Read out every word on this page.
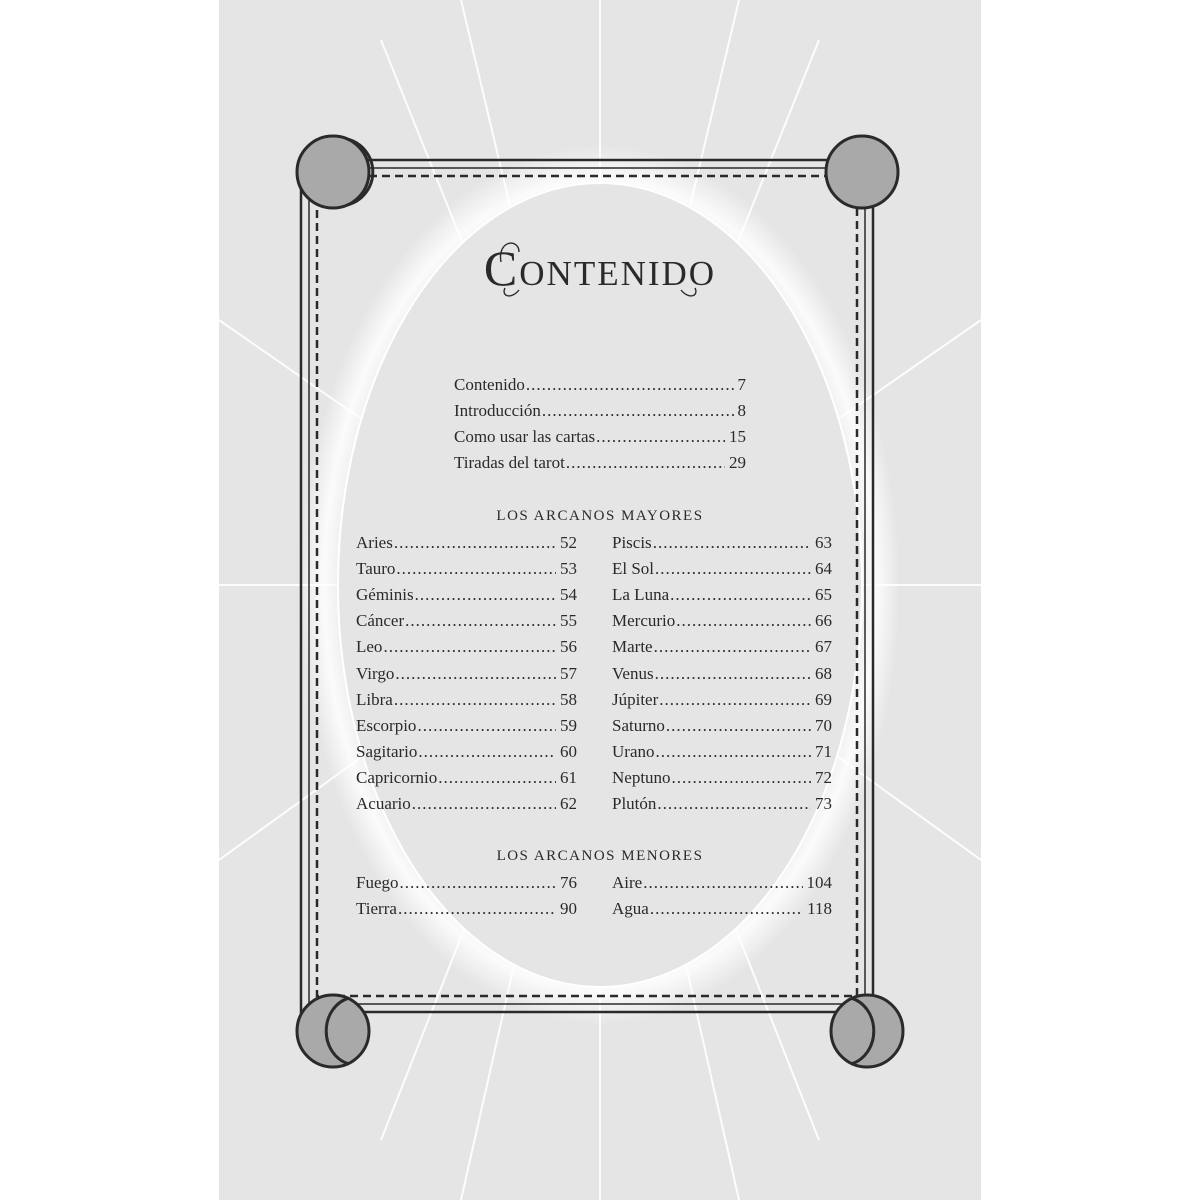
Contenido
Contenido .....	7
Introducción .....	8
Como usar las cartas .....	15
Tiradas del tarot .....	29
LOS ARCANOS MAYORES
Aries .....	52
Tauro .....	53
Géminis .....	54
Cáncer .....	55
Leo .....	56
Virgo .....	57
Libra .....	58
Escorpio .....	59
Sagitario .....	60
Capricornio .....	61
Acuario .....	62
Piscis .....	63
El Sol .....	64
La Luna .....	65
Mercurio .....	66
Marte .....	67
Venus .....	68
Júpiter .....	69
Saturno .....	70
Urano .....	71
Neptuno .....	72
Plutón .....	73
LOS ARCANOS MENORES
Fuego .....	76
Tierra .....	90
Aire .....	104
Agua .....	118
